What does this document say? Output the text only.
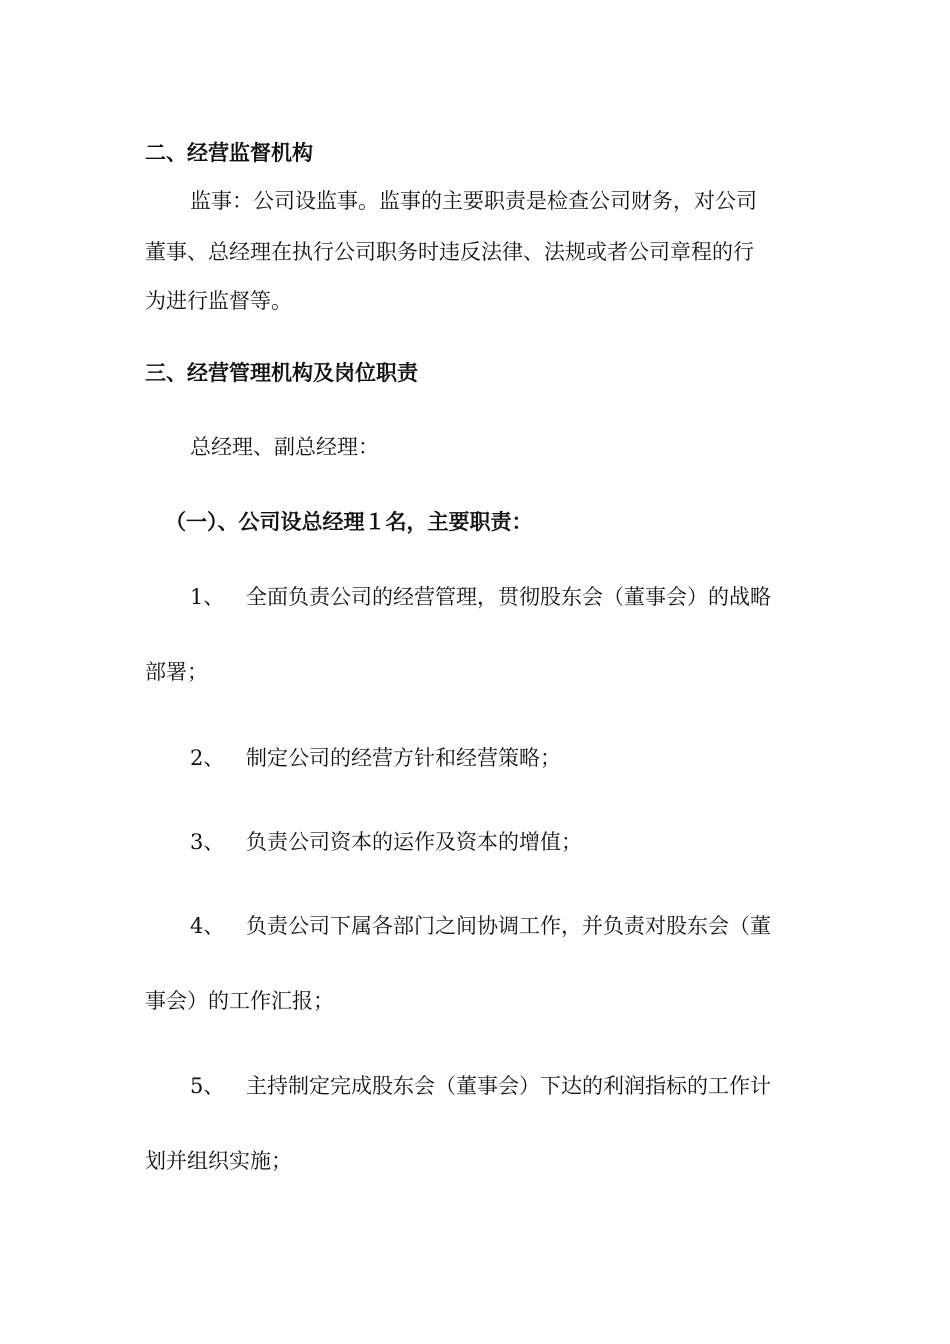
二、经营监督机构
监事：公司设监事。监事的主要职责是检查公司财务，对公司
董事、总经理在执行公司职务时违反法律、法规或者公司章程的行
为进行监督等。
三、经营管理机构及岗位职责
总经理、副总经理：
（一）、公司设总经理１名，主要职责：
1、 全面负责公司的经营管理，贯彻股东会（董事会）的战略
部署；
2、 制定公司的经营方针和经营策略；
3、 负责公司资本的运作及资本的增值；
4、 负责公司下属各部门之间协调工作，并负责对股东会（董
事会）的工作汇报；
5、 主持制定完成股东会（董事会）下达的利润指标的工作计
划并组织实施；
